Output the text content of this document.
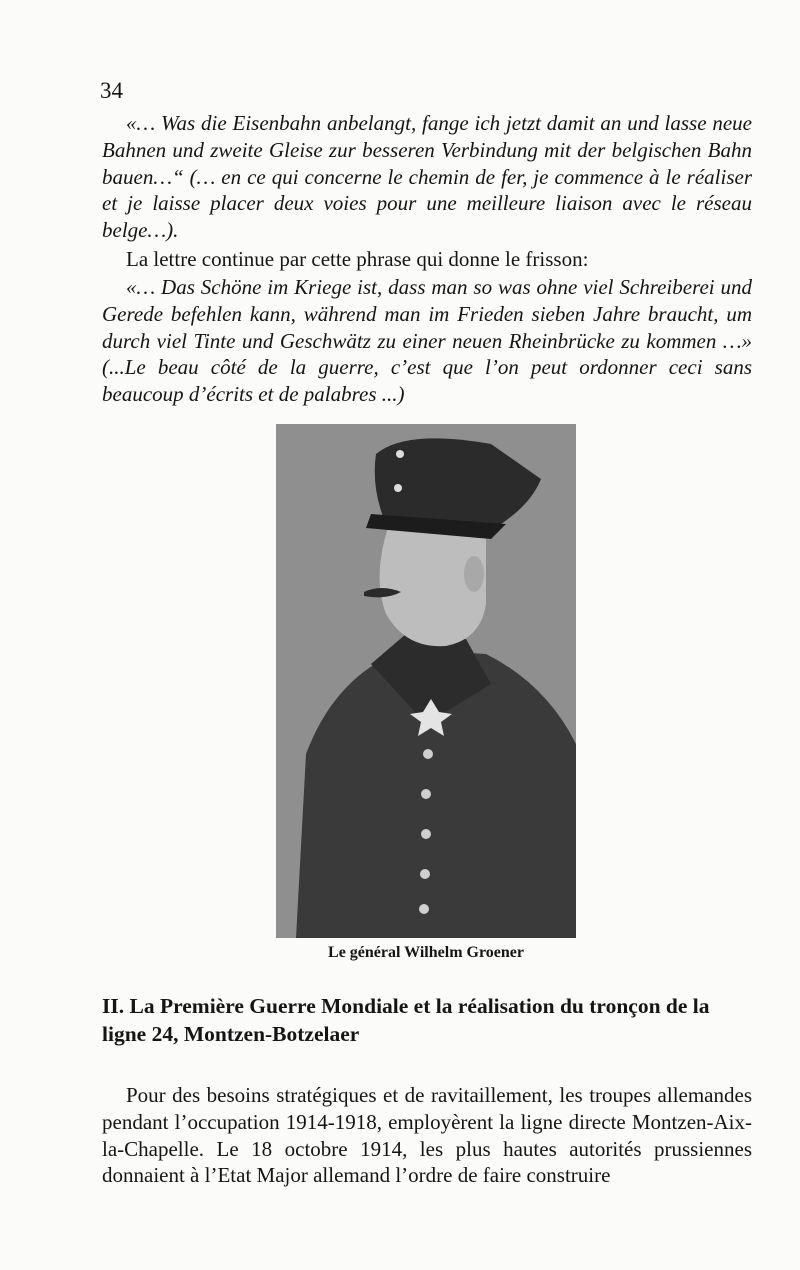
34

«… Was die Eisenbahn anbelangt, fange ich jetzt damit an und lasse neue Bahnen und zweite Gleise zur besseren Verbindung mit der belgischen Bahn bauen…“ (… en ce qui concerne le chemin de fer, je commence à le réaliser et je laisse placer deux voies pour une meilleure liaison avec le réseau belge…).

La lettre continue par cette phrase qui donne le frisson:

«… Das Schöne im Kriege ist, dass man so was ohne viel Schreiberei und Gerede befehlen kann, während man im Frieden sieben Jahre braucht, um durch viel Tinte und Geschwätz zu einer neuen Rheinbrücke zu kommen …» (...Le beau côté de la guerre, c’est que l’on peut ordonner ceci sans beaucoup d’écrits et de palabres ...)

Le général Wilhelm Groener
II. La Première Guerre Mondiale et la réalisation du tronçon de la ligne 24, Montzen-Botzelaer

Pour des besoins stratégiques et de ravitaillement, les troupes allemandes pendant l’occupation 1914-1918, employèrent la ligne directe Montzen-Aix-la-Chapelle. Le 18 octobre 1914, les plus hautes autorités prussiennes donnaient à l’Etat Major allemand l’ordre de faire construire
